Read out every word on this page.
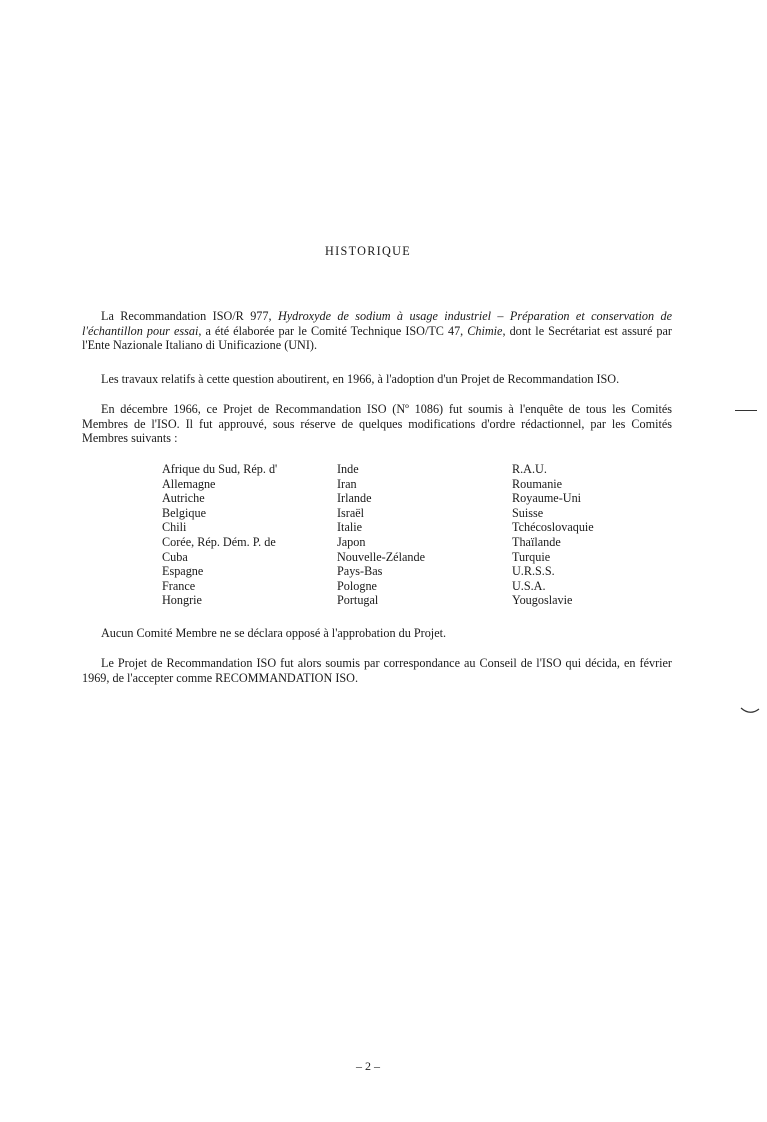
HISTORIQUE
La Recommandation ISO/R 977, Hydroxyde de sodium à usage industriel – Préparation et conservation de l'échantillon pour essai, a été élaborée par le Comité Technique ISO/TC 47, Chimie, dont le Secrétariat est assuré par l'Ente Nazionale Italiano di Unificazione (UNI).
Les travaux relatifs à cette question aboutirent, en 1966, à l'adoption d'un Projet de Recommandation ISO.
En décembre 1966, ce Projet de Recommandation ISO (Nº 1086) fut soumis à l'enquête de tous les Comités Membres de l'ISO. Il fut approuvé, sous réserve de quelques modifications d'ordre rédactionnel, par les Comités Membres suivants :
Afrique du Sud, Rép. d'
Allemagne
Autriche
Belgique
Chili
Corée, Rép. Dém. P. de
Cuba
Espagne
France
Hongrie
Inde
Iran
Irlande
Israël
Italie
Japon
Nouvelle-Zélande
Pays-Bas
Pologne
Portugal
R.A.U.
Roumanie
Royaume-Uni
Suisse
Tchécoslovaquie
Thaïlande
Turquie
U.R.S.S.
U.S.A.
Yougoslavie
Aucun Comité Membre ne se déclara opposé à l'approbation du Projet.
Le Projet de Recommandation ISO fut alors soumis par correspondance au Conseil de l'ISO qui décida, en février 1969, de l'accepter comme RECOMMANDATION ISO.
– 2 –
